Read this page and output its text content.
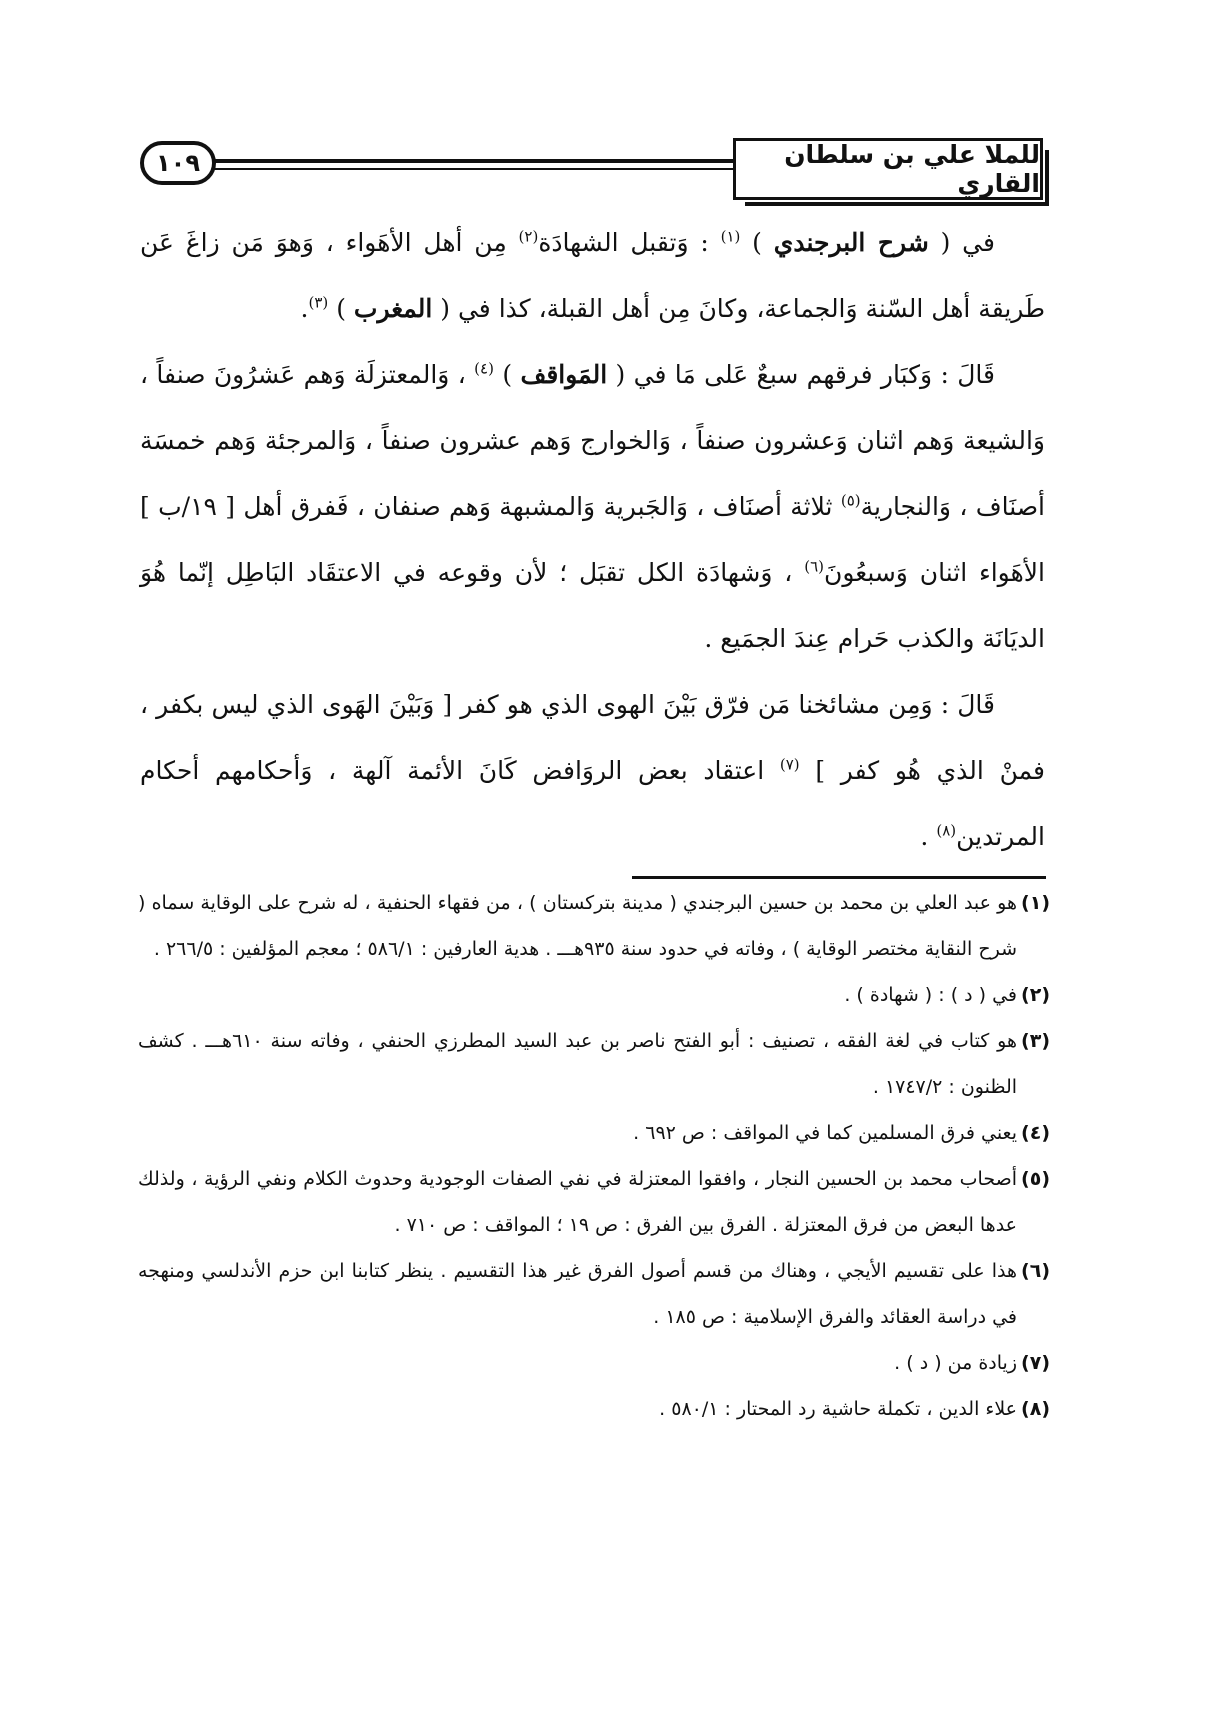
للملا علي بن سلطان القاري
١٠٩

في ( شرح البرجندي ) $^{(١)}$ : وَتقبل الشهادَة$^{(٢)}$ مِن أهل الأهَواء ، وَهوَ مَن زاغَ عَن طَريقة أهل السّنة وَالجماعة، وكانَ مِن أهل القبلة، كذا في ( المغرب ) $^{(٣)}$.

قَالَ : وَكبَار فرقهم سبعٌ عَلى مَا في ( المَواقف ) $^{(٤)}$ ، وَالمعتزلَة وَهم عَشرُونَ صنفاً ، وَالشيعة وَهم اثنان وَعشرون صنفاً ، وَالخوارج وَهم عشرون صنفاً ، وَالمرجئة وَهم خمسَة أصنَاف ، وَالنجارية$^{(٥)}$ ثلاثة أصنَاف ، وَالجَبرية وَالمشبهة وَهم صنفان ، فَفرق أهل [ ١٩/ب ] الأهَواء اثنان وَسبعُونَ$^{(٦)}$ ، وَشهادَة الكل تقبَل ؛ لأن وقوعه في الاعتقَاد البَاطِل إنّما هُوَ الديَانَة والكذب حَرام عِندَ الجمَيع .

قَالَ : وَمِن مشائخنا مَن فرّق بَيْنَ الهوى الذي هو كفر [ وَبَيْنَ الهَوى الذي ليس بكفر ، فمنْ الذي هُو كفر ] $^{(٧)}$ اعتقاد بعض الروَافض كَانَ الأئمة آلهة ، وَأحكامهم أحكام المرتدين$^{(٨)}$ .

(١)
هو عبد العلي بن محمد بن حسين البرجندي ( مدينة بتركستان ) ، من فقهاء الحنفية ، له شرح على الوقاية سماه ( شرح النقاية مختصر الوقاية ) ، وفاته في حدود سنة ٩٣٥هـــ . هدية العارفين : ٥٨٦/١ ؛ معجم المؤلفين : ٢٦٦/٥ .
(٢)
في ( د ) : ( شهادة ) .
(٣)
هو كتاب في لغة الفقه ، تصنيف : أبو الفتح ناصر بن عبد السيد المطرزي الحنفي ، وفاته سنة ٦١٠هـــ . كشف الظنون : ١٧٤٧/٢ .
(٤)
يعني فرق المسلمين كما في المواقف : ص ٦٩٢ .
(٥)
أصحاب محمد بن الحسين النجار ، وافقوا المعتزلة في نفي الصفات الوجودية وحدوث الكلام ونفي الرؤية ، ولذلك عدها البعض من فرق المعتزلة . الفرق بين الفرق : ص ١٩ ؛ المواقف : ص ٧١٠ .
(٦)
هذا على تقسيم الأيجي ، وهناك من قسم أصول الفرق غير هذا التقسيم . ينظر كتابنا ابن حزم الأندلسي ومنهجه في دراسة العقائد والفرق الإسلامية : ص ١٨٥ .
(٧)
زيادة من ( د ) .
(٨)
علاء الدين ، تكملة حاشية رد المحتار : ٥٨٠/١ .
